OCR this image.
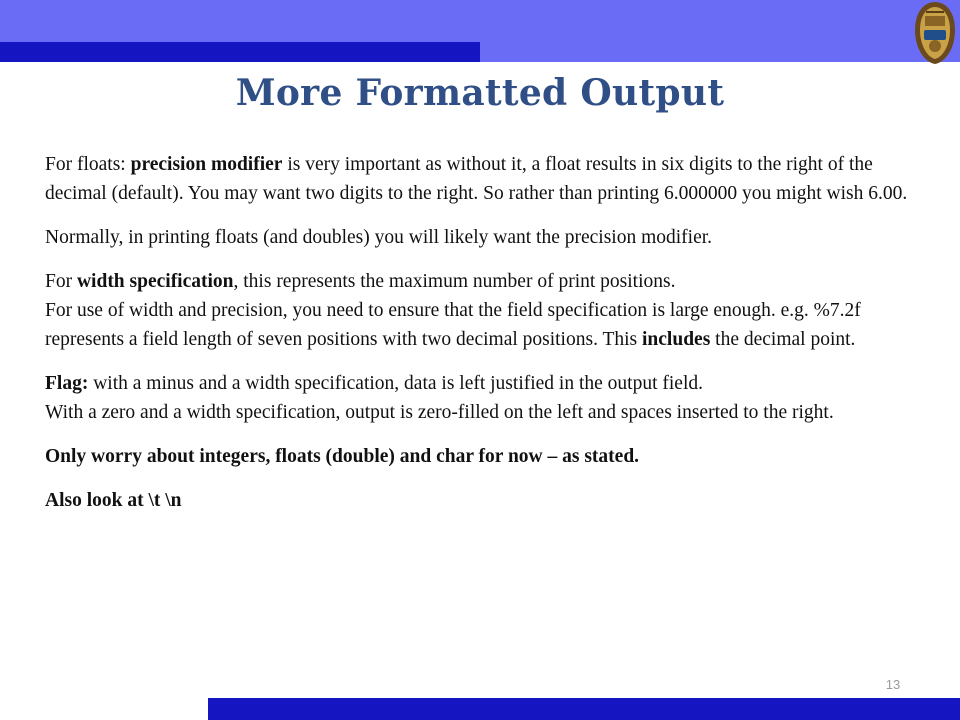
More Formatted Output

For floats: precision modifier is very important as without it, a float results in six digits to the right of the decimal (default). You may want two digits to the right. So rather than printing 6.000000 you might wish 6.00.

Normally, in printing floats (and doubles) you will likely want the precision modifier.

For width specification, this represents the maximum number of print positions.

For use of width and precision, you need to ensure that the field specification is large enough. e.g. %7.2f represents a field length of seven positions with two decimal positions. This includes the decimal point.

Flag: with a minus and a width specification, data is left justified in the output field.

With a zero and a width specification, output is zero-filled on the left and spaces inserted to the right.

Only worry about integers, floats (double) and char for now – as stated.

Also look at \t \n

13
